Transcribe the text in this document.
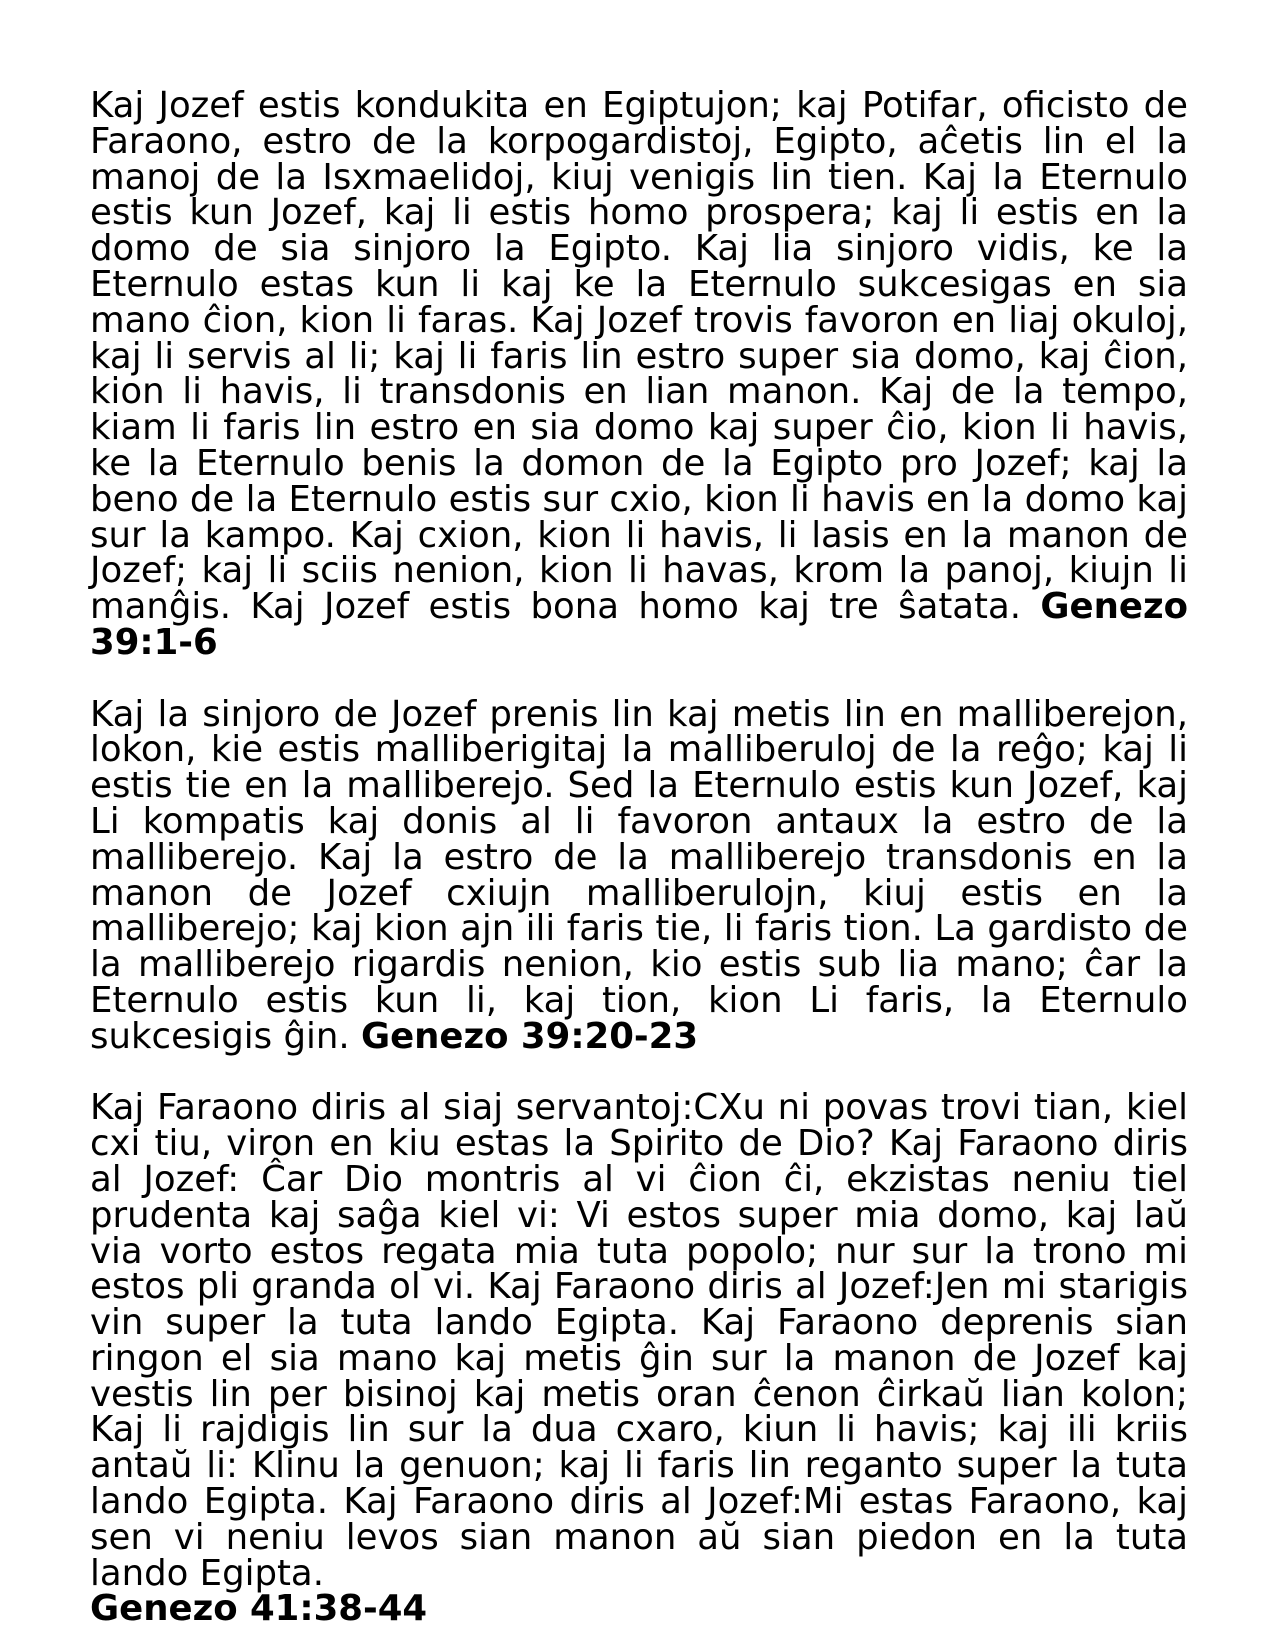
Kaj Jozef estis kondukita en Egiptujon; kaj Potifar, oficisto de Faraono, estro de la korpogardistoj, Egipto, aĉetis lin el la manoj de la Isxmaelidoj, kiuj venigis lin tien. Kaj la Eternulo estis kun Jozef, kaj li estis homo prospera; kaj li estis en la domo de sia sinjoro la Egipto. Kaj lia sinjoro vidis, ke la Eternulo estas kun li kaj ke la Eternulo sukcesigas en sia mano ĉion, kion li faras. Kaj Jozef trovis favoron en liaj okuloj, kaj li servis al li; kaj li faris lin estro super sia domo, kaj ĉion, kion li havis, li transdonis en lian manon. Kaj de la tempo, kiam li faris lin estro en sia domo kaj super ĉio, kion li havis, ke la Eternulo benis la domon de la Egipto pro Jozef; kaj la beno de la Eternulo estis sur cxio, kion li havis en la domo kaj sur la kampo. Kaj cxion, kion li havis, li lasis en la manon de Jozef; kaj li sciis nenion, kion li havas, krom la panoj, kiujn li manĝis. Kaj Jozef estis bona homo kaj tre ŝatata. Genezo 39:1-6

Kaj la sinjoro de Jozef prenis lin kaj metis lin en malliberejon, lokon, kie estis malliberigitaj la malliberuloj de la reĝo; kaj li estis tie en la malliberejo. Sed la Eternulo estis kun Jozef, kaj Li kompatis kaj donis al li favoron antaux la estro de la malliberejo. Kaj la estro de la malliberejo transdonis en la manon de Jozef cxiujn malliberulojn, kiuj estis en la malliberejo; kaj kion ajn ili faris tie, li faris tion. La gardisto de la malliberejo rigardis nenion, kio estis sub lia mano; ĉar la Eternulo estis kun li, kaj tion, kion Li faris, la Eternulo sukcesigis ĝin. Genezo 39:20-23

Kaj Faraono diris al siaj servantoj:CXu ni povas trovi tian, kiel cxi tiu, viron en kiu estas la Spirito de Dio? Kaj Faraono diris al Jozef: Ĉar Dio montris al vi ĉion ĉi, ekzistas neniu tiel prudenta kaj saĝa kiel vi: Vi estos super mia domo, kaj laŭ via vorto estos regata mia tuta popolo; nur sur la trono mi estos pli granda ol vi. Kaj Faraono diris al Jozef:Jen mi starigis vin super la tuta lando Egipta. Kaj Faraono deprenis sian ringon el sia mano kaj metis ĝin sur la manon de Jozef kaj vestis lin per bisinoj kaj metis oran ĉenon ĉirkaŭ lian kolon; Kaj li rajdigis lin sur la dua cxaro, kiun li havis; kaj ili kriis antaŭ li: Klinu la genuon; kaj li faris lin reganto super la tuta lando Egipta. Kaj Faraono diris al Jozef:Mi estas Faraono, kaj sen vi neniu levos sian manon aŭ sian piedon en la tuta lando Egipta.
Genezo 41:38-44
